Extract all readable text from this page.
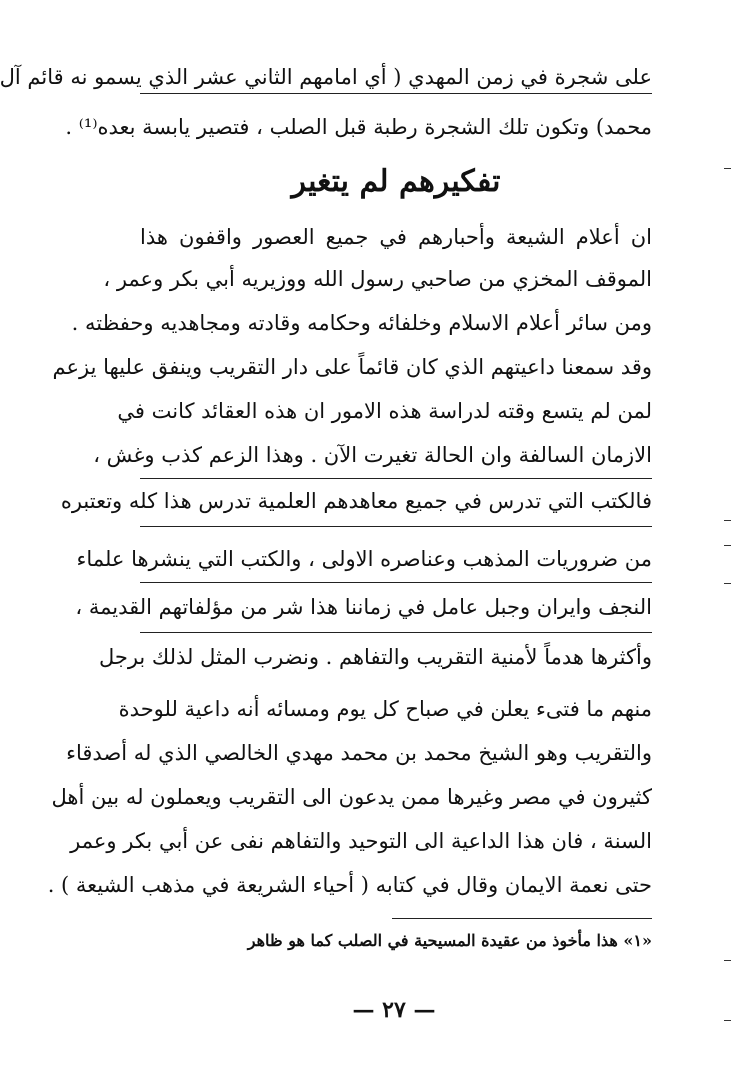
على شجرة في زمن المهدي ( أي امامهم الثاني عشر الذي يسمو نه قائم آل
محمد) وتكون تلك الشجرة رطبة قبل الصلب ، فتصير يابسة بعده⁽¹⁾ .
تفكيرهم لم يتغير
ان أعلام الشيعة وأحبارهم في جميع العصور واقفون هذا
الموقف المخزي من صاحبي رسول الله ووزيريه أبي بكر وعمر ،
ومن سائر أعلام الاسلام وخلفائه وحكامه وقادته ومجاهديه وحفظته .
وقد سمعنا داعيتهم الذي كان قائماً على دار التقريب وينفق عليها يزعم
لمن لم يتسع وقته لدراسة هذه الامور ان هذه العقائد كانت في
الازمان السالفة وان الحالة تغيرت الآن . وهذا الزعم كذب وغش ،
فالكتب التي تدرس في جميع معاهدهم العلمية تدرس هذا كله وتعتبره
من ضروريات المذهب وعناصره الاولى ، والكتب التي ينشرها علماء
النجف وايران وجبل عامل في زماننا هذا شر من مؤلفاتهم القديمة ،
وأكثرها هدماً لأمنية التقريب والتفاهم . ونضرب المثل لذلك برجل
منهم ما فتىء يعلن في صباح كل يوم ومسائه أنه داعية للوحدة
والتقريب وهو الشيخ محمد بن محمد مهدي الخالصي الذي له أصدقاء
كثيرون في مصر وغيرها ممن يدعون الى التقريب ويعملون له بين أهل
السنة ، فان هذا الداعية الى التوحيد والتفاهم نفى عن أبي بكر وعمر
حتى نعمة الايمان وقال في كتابه ( أحياء الشريعة في مذهب الشيعة ) .
«١» هذا مأخوذ من عقيدة المسيحية في الصلب كما هو ظاهر
— ٢٧ —
